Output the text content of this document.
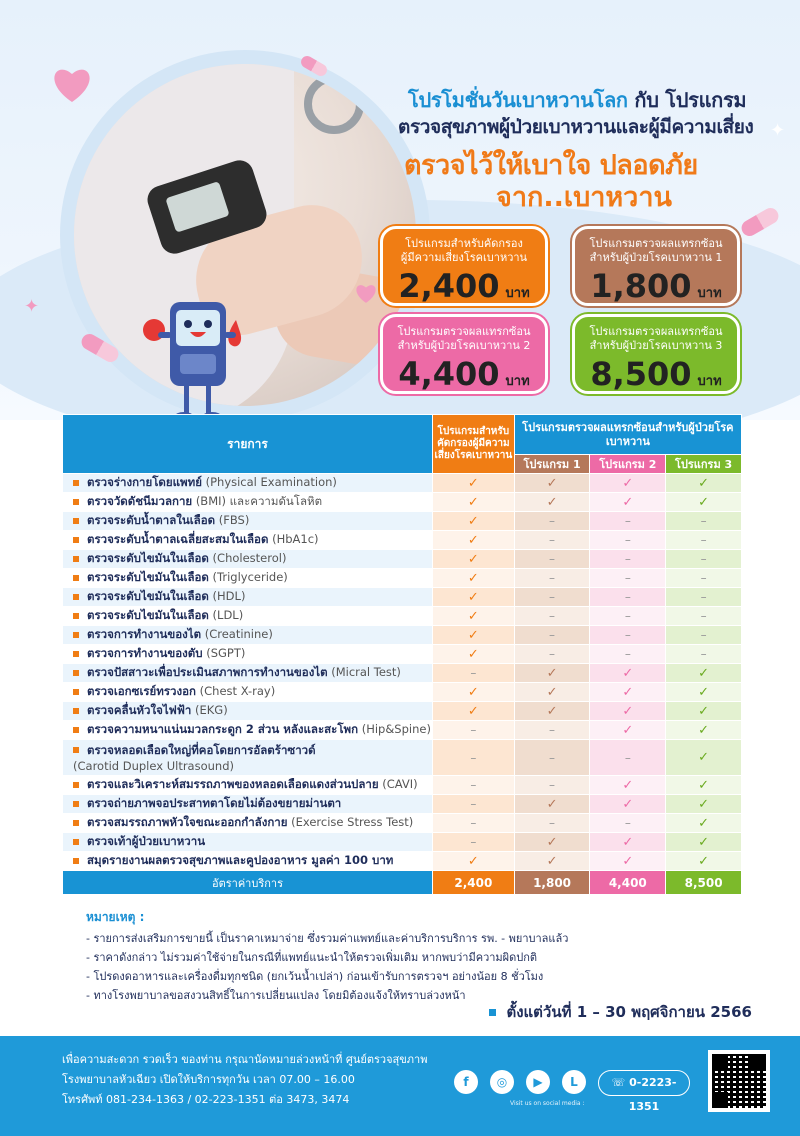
✦
✦
โปรโมชั่นวันเบาหวานโลก กับ โปรแกรม
ตรวจสุขภาพผู้ป่วยเบาหวานและผู้มีความเสี่ยง
ตรวจไว้ให้เบาใจ ปลอดภัย
จาก..เบาหวาน
โปรแกรมสำหรับคัดกรอง
ผู้มีความเสี่ยงโรคเบาหวาน
2,400 บาท
โปรแกรมตรวจผลแทรกซ้อน
สำหรับผู้ป่วยโรคเบาหวาน 1
1,800 บาท
โปรแกรมตรวจผลแทรกซ้อน
สำหรับผู้ป่วยโรคเบาหวาน 2
4,400 บาท
โปรแกรมตรวจผลแทรกซ้อน
สำหรับผู้ป่วยโรคเบาหวาน 3
8,500 บาท
รายการ	โปรแกรมสำหรับคัดกรองผู้มีความเสี่ยงโรคเบาหวาน	โปรแกรมตรวจผลแทรกซ้อนสำหรับผู้ป่วยโรคเบาหวาน		
		โปรแกรม 1	โปรแกรม 2	โปรแกรม 3
ตรวจร่างกายโดยแพทย์ (Physical Examination)	✓	✓	✓	✓
ตรวจวัดดัชนีมวลกาย (BMI) และความดันโลหิต	✓	✓	✓	✓
ตรวจระดับน้ำตาลในเลือด (FBS)	✓	–	–	–
ตรวจระดับน้ำตาลเฉลี่ยสะสมในเลือด (HbA1c)	✓	–	–	–
ตรวจระดับไขมันในเลือด (Cholesterol)	✓	–	–	–
ตรวจระดับไขมันในเลือด (Triglyceride)	✓	–	–	–
ตรวจระดับไขมันในเลือด (HDL)	✓	–	–	–
ตรวจระดับไขมันในเลือด (LDL)	✓	–	–	–
ตรวจการทำงานของไต (Creatinine)	✓	–	–	–
ตรวจการทำงานของตับ (SGPT)	✓	–	–	–
ตรวจปัสสาวะเพื่อประเมินสภาพการทำงานของไต (Micral Test)	–	✓	✓	✓
ตรวจเอกซเรย์ทรวงอก (Chest X-ray)	✓	✓	✓	✓
ตรวจคลื่นหัวใจไฟฟ้า (EKG)	✓	✓	✓	✓
ตรวจความหนาแน่นมวลกระดูก 2 ส่วน หลังและสะโพก (Hip&Spine)	–	–	✓	✓
ตรวจหลอดเลือดใหญ่ที่คอโดยการอัลตร้าซาวด์
(Carotid Duplex Ultrasound)	–	–	–	✓
ตรวจและวิเคราะห์สมรรถภาพของหลอดเลือดแดงส่วนปลาย (CAVI)	–	–	✓	✓
ตรวจถ่ายภาพจอประสาทตาโดยไม่ต้องขยายม่านตา	–	✓	✓	✓
ตรวจสมรรถภาพหัวใจขณะออกกำลังกาย (Exercise Stress Test)	–	–	–	✓
ตรวจเท้าผู้ป่วยเบาหวาน	–	✓	✓	✓
สมุดรายงานผลตรวจสุขภาพและคูปองอาหาร มูลค่า 100 บาท	✓	✓	✓	✓
อัตราค่าบริการ	2,400	1,800	4,400	8,500
หมายเหตุ :
- รายการส่งเสริมการขายนี้ เป็นราคาเหมาจ่าย ซึ่งรวมค่าแพทย์และค่าบริการบริการ รพ. - พยาบาลแล้ว
- ราคาดังกล่าว ไม่รวมค่าใช้จ่ายในกรณีที่แพทย์แนะนำให้ตรวจเพิ่มเติม หากพบว่ามีความผิดปกติ
- โปรดงดอาหารและเครื่องดื่มทุกชนิด (ยกเว้นน้ำเปล่า) ก่อนเข้ารับการตรวจฯ อย่างน้อย 8 ชั่วโมง
- ทางโรงพยาบาลขอสงวนสิทธิ์ในการเปลี่ยนแปลง โดยมิต้องแจ้งให้ทราบล่วงหน้า
ตั้งแต่วันที่ 1 – 30 พฤศจิกายน 2566
เพื่อความสะดวก รวดเร็ว ของท่าน กรุณานัดหมายล่วงหน้าที่ ศูนย์ตรวจสุขภาพ
โรงพยาบาลหัวเฉียว เปิดให้บริการทุกวัน เวลา 07.00 – 16.00
โทรศัพท์ 081-234-1363 / 02-223-1351 ต่อ 3473, 3474
f	◎	▶	L
Visit us on social media :
☏ 0-2223-1351
